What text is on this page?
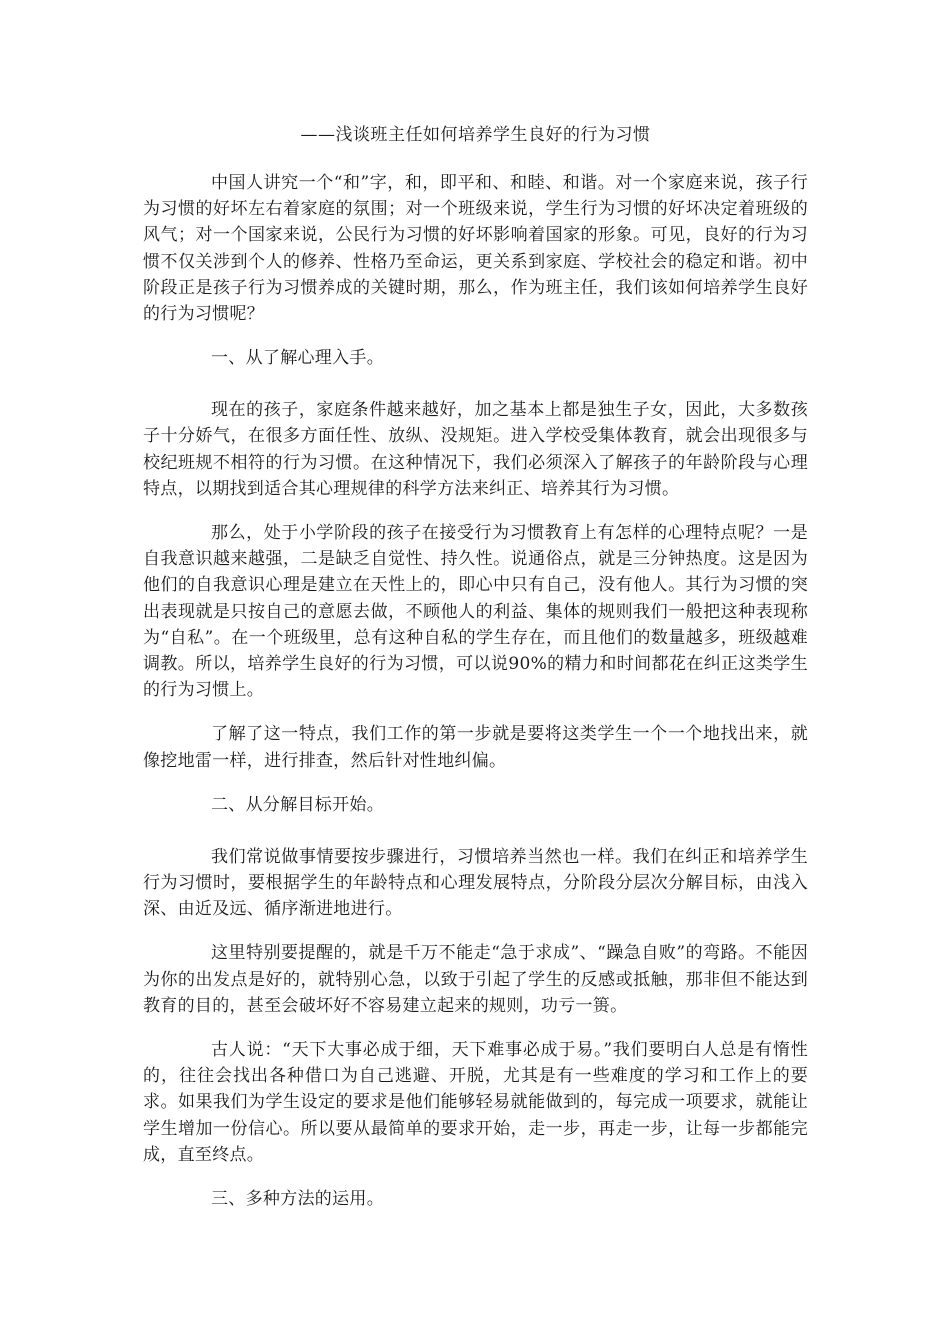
——浅谈班主任如何培养学生良好的行为习惯

中国人讲究一个“和”字，和，即平和、和睦、和谐。对一个家庭来说，孩子行为习惯的好坏左右着家庭的氛围；对一个班级来说，学生行为习惯的好坏决定着班级的风气；对一个国家来说，公民行为习惯的好坏影响着国家的形象。可见，良好的行为习惯不仅关涉到个人的修养、性格乃至命运，更关系到家庭、学校社会的稳定和谐。初中阶段正是孩子行为习惯养成的关键时期，那么，作为班主任，我们该如何培养学生良好的行为习惯呢？

一、从了解心理入手。

现在的孩子，家庭条件越来越好，加之基本上都是独生子女，因此，大多数孩子十分娇气，在很多方面任性、放纵、没规矩。进入学校受集体教育，就会出现很多与校纪班规不相符的行为习惯。在这种情况下，我们必须深入了解孩子的年龄阶段与心理特点，以期找到适合其心理规律的科学方法来纠正、培养其行为习惯。

那么，处于小学阶段的孩子在接受行为习惯教育上有怎样的心理特点呢？一是自我意识越来越强，二是缺乏自觉性、持久性。说通俗点，就是三分钟热度。这是因为他们的自我意识心理是建立在天性上的，即心中只有自己，没有他人。其行为习惯的突出表现就是只按自己的意愿去做，不顾他人的利益、集体的规则我们一般把这种表现称为“自私”。在一个班级里，总有这种自私的学生存在，而且他们的数量越多，班级越难调教。所以，培养学生良好的行为习惯，可以说90%的精力和时间都花在纠正这类学生的行为习惯上。

了解了这一特点，我们工作的第一步就是要将这类学生一个一个地找出来，就像挖地雷一样，进行排查，然后针对性地纠偏。

二、从分解目标开始。

我们常说做事情要按步骤进行，习惯培养当然也一样。我们在纠正和培养学生行为习惯时，要根据学生的年龄特点和心理发展特点，分阶段分层次分解目标，由浅入深、由近及远、循序渐进地进行。

这里特别要提醒的，就是千万不能走“急于求成”、“躁急自败”的弯路。不能因为你的出发点是好的，就特别心急，以致于引起了学生的反感或抵触，那非但不能达到教育的目的，甚至会破坏好不容易建立起来的规则，功亏一篑。

古人说：“天下大事必成于细，天下难事必成于易。”我们要明白人总是有惰性的，往往会找出各种借口为自己逃避、开脱，尤其是有一些难度的学习和工作上的要求。如果我们为学生设定的要求是他们能够轻易就能做到的，每完成一项要求，就能让学生增加一份信心。所以要从最简单的要求开始，走一步，再走一步，让每一步都能完成，直至终点。

三、多种方法的运用。
